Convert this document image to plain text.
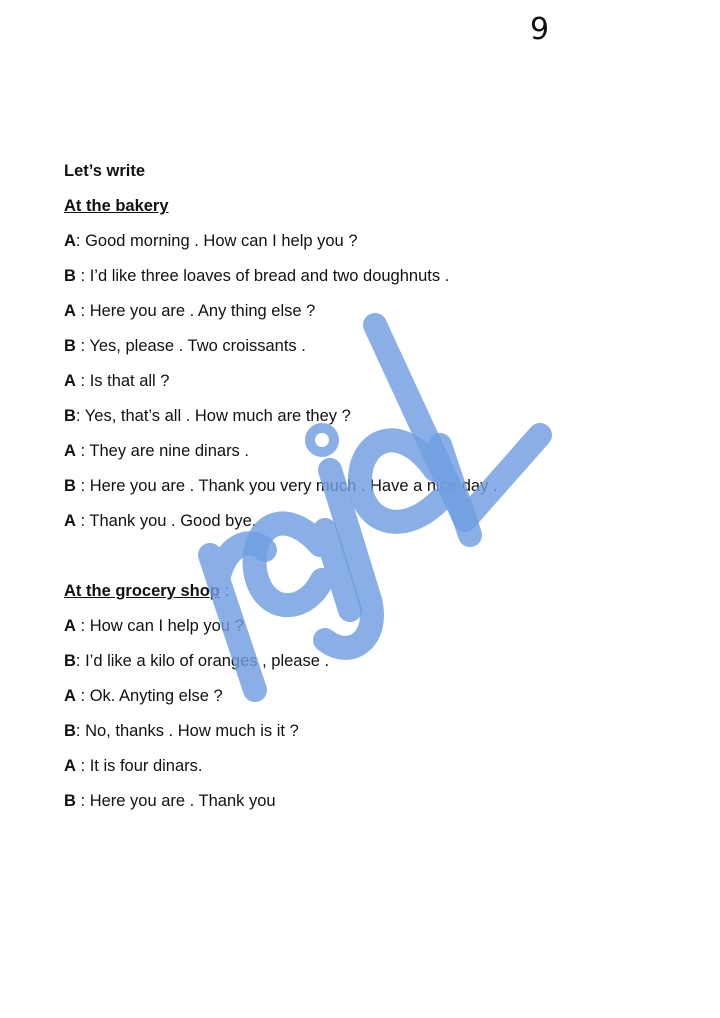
9

Let’s write

At the bakery

A: Good morning . How can I help you ?

B : I’d like three loaves of bread and two doughnuts .

A : Here you are . Any thing else ?

B : Yes, please . Two croissants .

A : Is that all ?

B: Yes, that’s all . How much are they ?

A : They are nine dinars .

B : Here you are . Thank you very much . Have a nice day .

A : Thank you . Good bye.

At the grocery shop :

A : How can I help you ?

B: I’d like a kilo of oranges , please .

A : Ok. Anyting else ?

B: No, thanks . How much is it ?

A : It is four dinars.

B : Here you are . Thank you
